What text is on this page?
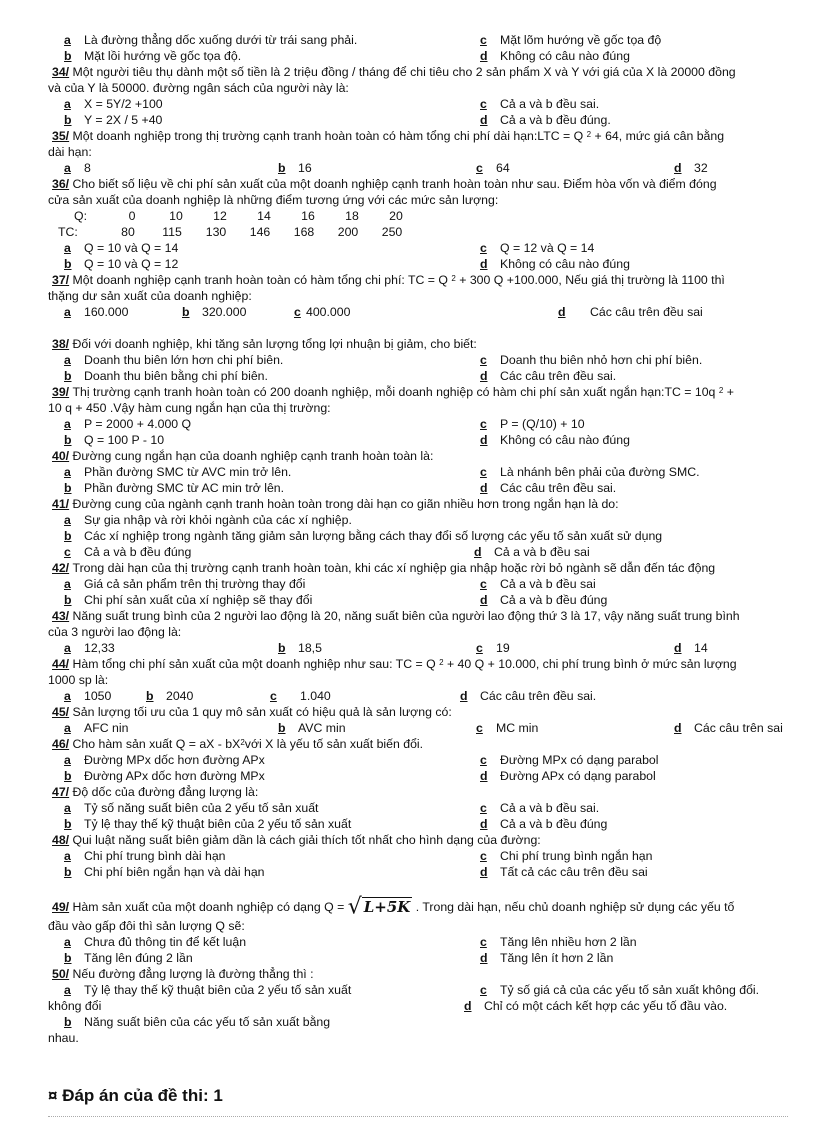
a	Là đường thẳng dốc xuống dưới từ trái sang phải.	c	Mặt lõm hướng về gốc tọa độ
b	Mặt lồi hướng về gốc tọa độ.	d	Không có câu nào đúng
34/
Một người tiêu thụ dành một số tiền là 2 triệu đồng / tháng để chi tiêu cho 2 sản phẩm X và Y với giá của X là 20000 đồng
và của Y là 50000. đường ngân sách của người này là:
a	X = 5Y/2 +100	c	Cả a và b đều sai.
b	Y = 2X / 5 +40	d	Cả a và b đều đúng.
35/
Một doanh nghiệp trong thị trường cạnh tranh hoàn toàn có hàm tổng chi phí dài hạn:LTC = Q
2
+ 64, mức giá cân bằng
dài hạn:
a	8	b	16	c	64	d	32
36/
Cho biết số liệu về chi phí sản xuất của một doanh nghiệp cạnh tranh hoàn toàn như sau. Điểm hòa vốn và điểm đóng
cửa sản xuất của doanh nghiệp là những điểm tương ứng với các mức sản lượng:
Q:	0	10	12	14	16	18	20
TC:	80	115	130	146	168	200	250
a	Q = 10 và Q = 14	c	Q = 12 và Q = 14
b	Q = 10 và Q = 12	d	Không có câu nào đúng
37/
Một doanh nghiệp cạnh tranh hoàn toàn có hàm tổng chi phí: TC = Q
2
+ 300 Q +100.000, Nếu giá thị trường là 1100 thì
thặng dư sản xuất của doanh nghiệp:
a	160.000	b	320.000	c 400.000	d	Các câu trên đều sai
38/
Đối với doanh nghiệp, khi tăng sản lượng tổng lợi nhuận bị giảm, cho biết:
a	Doanh thu biên lớn hơn chi phí biên.	c	Doanh thu biên nhỏ hơn chi phí biên.
b	Doanh thu biên bằng chi phí biên.	d	Các câu trên đều sai.
39/
Thị trường cạnh tranh hoàn toàn có 200 doanh nghiệp, mỗi doanh nghiệp có hàm chi phí sản xuất ngắn hạn:TC = 10q
2
+
10 q + 450 .Vậy hàm cung ngắn hạn của thị trường:
a	P = 2000 + 4.000 Q	c	P = (Q/10) + 10
b	Q = 100 P - 10	d	Không có câu nào đúng
40/
Đường cung ngắn hạn của doanh nghiệp cạnh tranh hoàn toàn là:
a	Phần đường SMC từ AVC min trở lên.	c	Là nhánh bên phải của đường SMC.
b	Phần đường SMC từ AC min trở lên.	d	Các câu trên đều sai.
41/
Đường cung của ngành cạnh tranh hoàn toàn trong dài hạn co giãn nhiều hơn trong ngắn hạn là do:
a	Sự gia nhập và rời khỏi ngành của các xí nghiệp.
b	Các xí nghiệp trong ngành tăng giảm sản lượng bằng cách thay đổi số lượng các yếu tố sản xuất sử dụng
c	Cả a và b đều đúng	d	Cả a và b đều sai
42/
Trong dài hạn của thị trường cạnh tranh hoàn toàn, khi các xí nghiệp gia nhập hoặc rời bỏ ngành sẽ dẫn đến tác động
a	Giá cả sản phẩm trên thị trường thay đổi	c	Cả a và b đều sai
b	Chi phí sản xuất của xí nghiệp sẽ thay đổi	d	Cả a và b đều đúng
43/
Năng suất trung bình của 2 người lao động là 20, năng suất biên của người lao động thứ 3 là 17, vậy năng suất trung bình
của 3 người lao động là:
a	12,33	b	18,5	c	19	d	14
44/
Hàm tổng chi phí sản xuất của một doanh nghiệp như sau: TC = Q
2
+ 40 Q + 10.000, chi phí trung bình ở mức sản lượng
1000 sp là:
a	1050	b	2040	c	1.040	d	Các câu trên đều sai.
45/
Sản lượng tối ưu của 1 quy mô sản xuất có hiệu quả là sản lượng có:
a	AFC nin	b	AVC min	c	MC min	d	Các câu trên sai
46/
Cho hàm sản xuất Q = aX - bX 2 với X là yếu tố sản xuất biến đổi.
a	Đường MPx dốc hơn đường APx	c	Đường MPx có dạng parabol
b	Đường APx dốc hơn đường MPx	d	Đường APx có dạng parabol
47/
Độ dốc của đường đẳng lượng là:
a	Tỷ số năng suất biên của 2 yếu tố sản xuất	c	Cả a và b đều sai.
b	Tỷ lệ thay thế kỹ thuật biên của 2 yếu tố sản xuất	d	Cả a và b đều đúng
48/
Qui luật năng suất biên giảm dần là cách giải thích tốt nhất cho hình dạng của đường:
a	Chi phí trung bình dài hạn	c	Chi phí trung bình ngắn hạn
b	Chi phí biên ngắn hạn và dài hạn	d	Tất cả các câu trên đều sai
49/
Hàm sản xuất của một doanh nghiệp có dạng Q =
√ L+5K
. Trong dài hạn, nếu chủ doanh nghiệp sử dụng các yếu tố
đầu vào gấp đôi thì sản lượng Q sẽ:
a	Chưa đủ thông tin để kết luận	c	Tăng lên nhiều hơn 2 lần
b	Tăng lên đúng 2 lần	d	Tăng lên ít hơn 2 lần
50/
Nếu đường đẳng lượng là đường thẳng thì :
a	Tỷ lệ thay thế kỹ thuật biên của 2 yếu tố sản xuất	c	Tỷ số giá cả của các yếu tố sản xuất không đổi.
không đổi	d	Chỉ có một cách kết hợp các yếu tố đầu vào.
b	Năng suất biên của các yếu tố sản xuất bằng
nhau.
¤ Đáp án của đề thi: 1
